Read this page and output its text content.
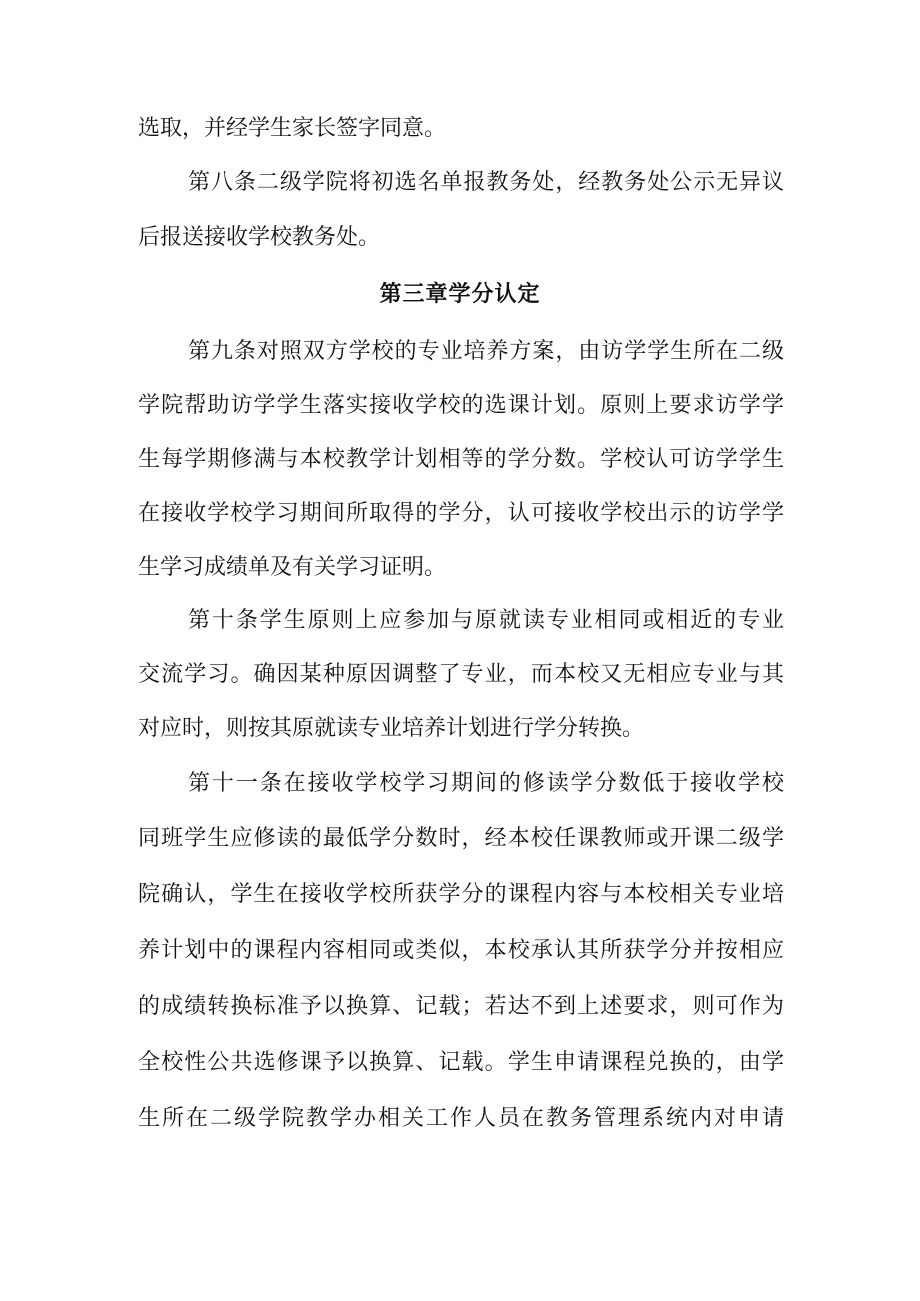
选取，并经学生家长签字同意。
第八条二级学院将初选名单报教务处，经教务处公示无异议
后报送接收学校教务处。
第三章学分认定
第九条对照双方学校的专业培养方案，由访学学生所在二级
学院帮助访学学生落实接收学校的选课计划。原则上要求访学学
生每学期修满与本校教学计划相等的学分数。学校认可访学学生
在接收学校学习期间所取得的学分，认可接收学校出示的访学学
生学习成绩单及有关学习证明。
第十条学生原则上应参加与原就读专业相同或相近的专业
交流学习。确因某种原因调整了专业，而本校又无相应专业与其
对应时，则按其原就读专业培养计划进行学分转换。
第十一条在接收学校学习期间的修读学分数低于接收学校
同班学生应修读的最低学分数时，经本校任课教师或开课二级学
院确认，学生在接收学校所获学分的课程内容与本校相关专业培
养计划中的课程内容相同或类似，本校承认其所获学分并按相应
的成绩转换标准予以换算、记载；若达不到上述要求，则可作为
全校性公共选修课予以换算、记载。学生申请课程兑换的，由学
生所在二级学院教学办相关工作人员在教务管理系统内对申请
